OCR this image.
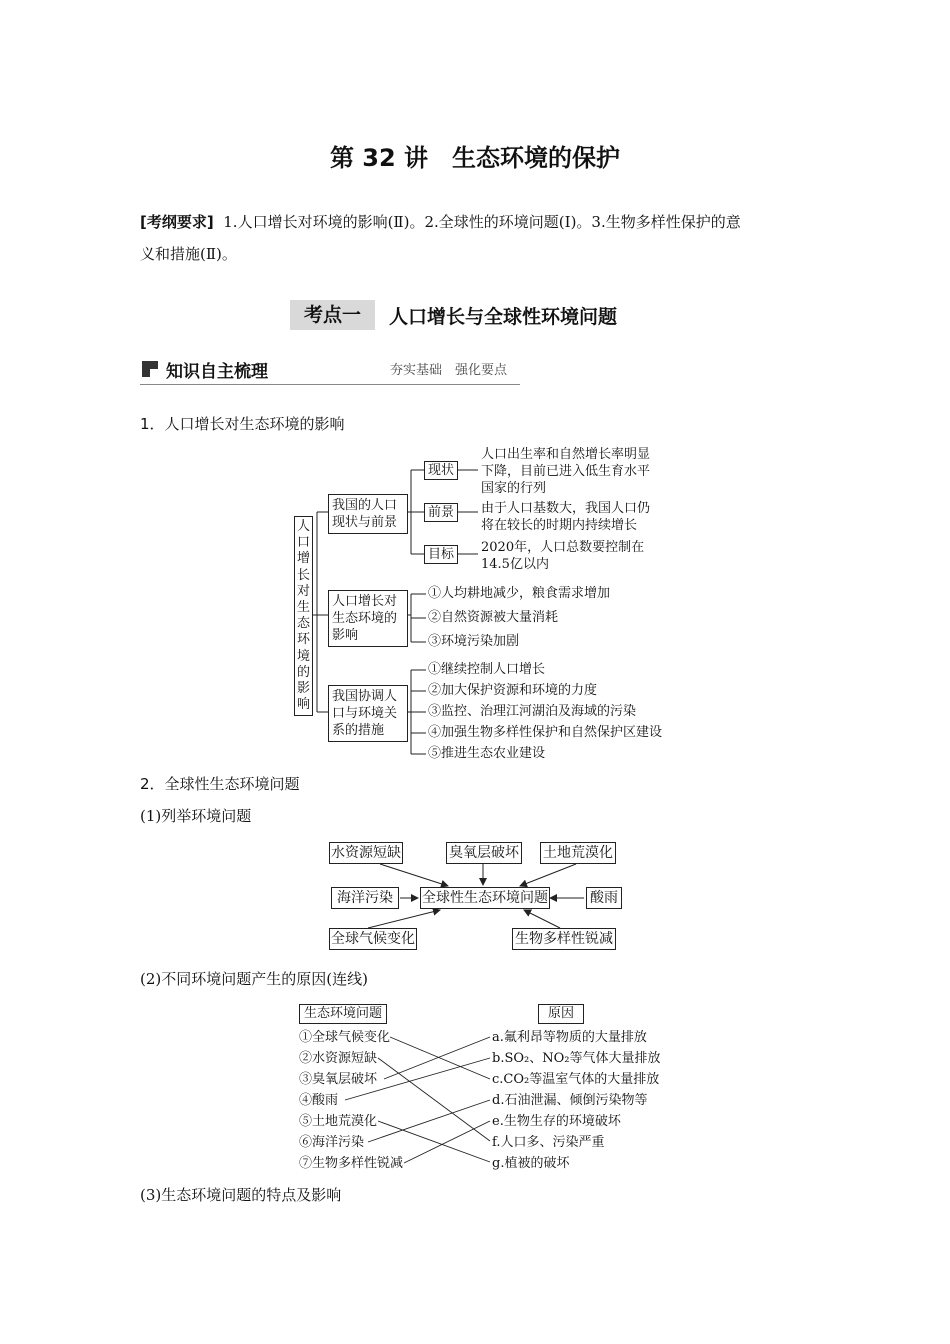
第 32 讲　生态环境的保护
[考纲要求] 1.人口增长对环境的影响(Ⅱ)。2.全球性的环境问题(Ⅰ)。3.生物多样性保护的意
义和措施(Ⅱ)。
考点一	人口增长与全球性环境问题
知识自主梳理	夯实基础　强化要点
1．人口增长对生态环境的影响
人
口
增
长
对
生
态
环
境
的
影
响
我国的人口
现状与前景
现状
前景
目标
人口出生率和自然增长率明显
下降，目前已进入低生育水平
国家的行列
由于人口基数大，我国人口仍
将在较长的时期内持续增长
2020年，人口总数要控制在
14.5亿以内
人口增长对
生态环境的
影响
①人均耕地减少，粮食需求增加
②自然资源被大量消耗
③环境污染加剧
我国协调人
口与环境关
系的措施
①继续控制人口增长
②加大保护资源和环境的力度
③监控、治理江河湖泊及海域的污染
④加强生物多样性保护和自然保护区建设
⑤推进生态农业建设
2．全球性生态环境问题
(1)列举环境问题
水资源短缺	臭氧层破坏 土地荒漠化
海洋污染	全球性生态环境问题	酸雨
全球气候变化	生物多样性锐减
(2)不同环境问题产生的原因(连线)
生态环境问题	原因
①全球气候变化
②水资源短缺
③臭氧层破坏
④酸雨
⑤土地荒漠化
⑥海洋污染
⑦生物多样性锐减
a.氟利昂等物质的大量排放
b.SO₂、NO₂等气体大量排放
c.CO₂等温室气体的大量排放
d.石油泄漏、倾倒污染物等
e.生物生存的环境破坏
f.人口多、污染严重
g.植被的破坏
(3)生态环境问题的特点及影响
